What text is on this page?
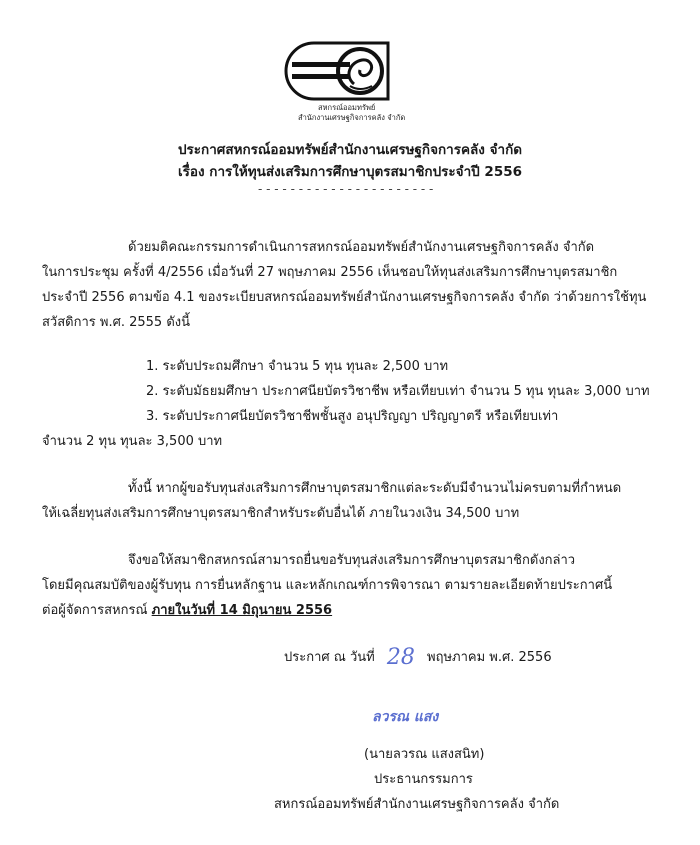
สหกรณ์ออมทรัพย์
สำนักงานเศรษฐกิจการคลัง จำกัด
ประกาศสหกรณ์ออมทรัพย์สำนักงานเศรษฐกิจการคลัง จำกัด
เรื่อง การให้ทุนส่งเสริมการศึกษาบุตรสมาชิกประจำปี 2556
- - - - - - - - - - - - - - - - - - - - - -
ด้วยมติคณะกรรมการดำเนินการสหกรณ์ออมทรัพย์สำนักงานเศรษฐกิจการคลัง จำกัด
ในการประชุม ครั้งที่ 4/2556 เมื่อวันที่ 27 พฤษภาคม 2556 เห็นชอบให้ทุนส่งเสริมการศึกษาบุตรสมาชิก
ประจำปี 2556 ตามข้อ 4.1 ของระเบียบสหกรณ์ออมทรัพย์สำนักงานเศรษฐกิจการคลัง จำกัด ว่าด้วยการใช้ทุน
สวัสดิการ พ.ศ. 2555 ดังนี้
1. ระดับประถมศึกษา จำนวน 5 ทุน ทุนละ 2,500 บาท
2. ระดับมัธยมศึกษา ประกาศนียบัตรวิชาชีพ หรือเทียบเท่า จำนวน 5 ทุน ทุนละ 3,000 บาท
3. ระดับประกาศนียบัตรวิชาชีพชั้นสูง อนุปริญญา ปริญญาตรี หรือเทียบเท่า
จำนวน 2 ทุน ทุนละ 3,500 บาท
ทั้งนี้ หากผู้ขอรับทุนส่งเสริมการศึกษาบุตรสมาชิกแต่ละระดับมีจำนวนไม่ครบตามที่กำหนด
ให้เฉลี่ยทุนส่งเสริมการศึกษาบุตรสมาชิกสำหรับระดับอื่นได้ ภายในวงเงิน 34,500 บาท
จึงขอให้สมาชิกสหกรณ์สามารถยื่นขอรับทุนส่งเสริมการศึกษาบุตรสมาชิกดังกล่าว
โดยมีคุณสมบัติของผู้รับทุน การยื่นหลักฐาน และหลักเกณฑ์การพิจารณา ตามรายละเอียดท้ายประกาศนี้
ต่อผู้จัดการสหกรณ์ ภายในวันที่ 14 มิถุนายน 2556
ประกาศ ณ วันที่ 28 พฤษภาคม พ.ศ. 2556
ลวรณ แสง
(นายลวรณ แสงสนิท)
ประธานกรรมการ
สหกรณ์ออมทรัพย์สำนักงานเศรษฐกิจการคลัง จำกัด
